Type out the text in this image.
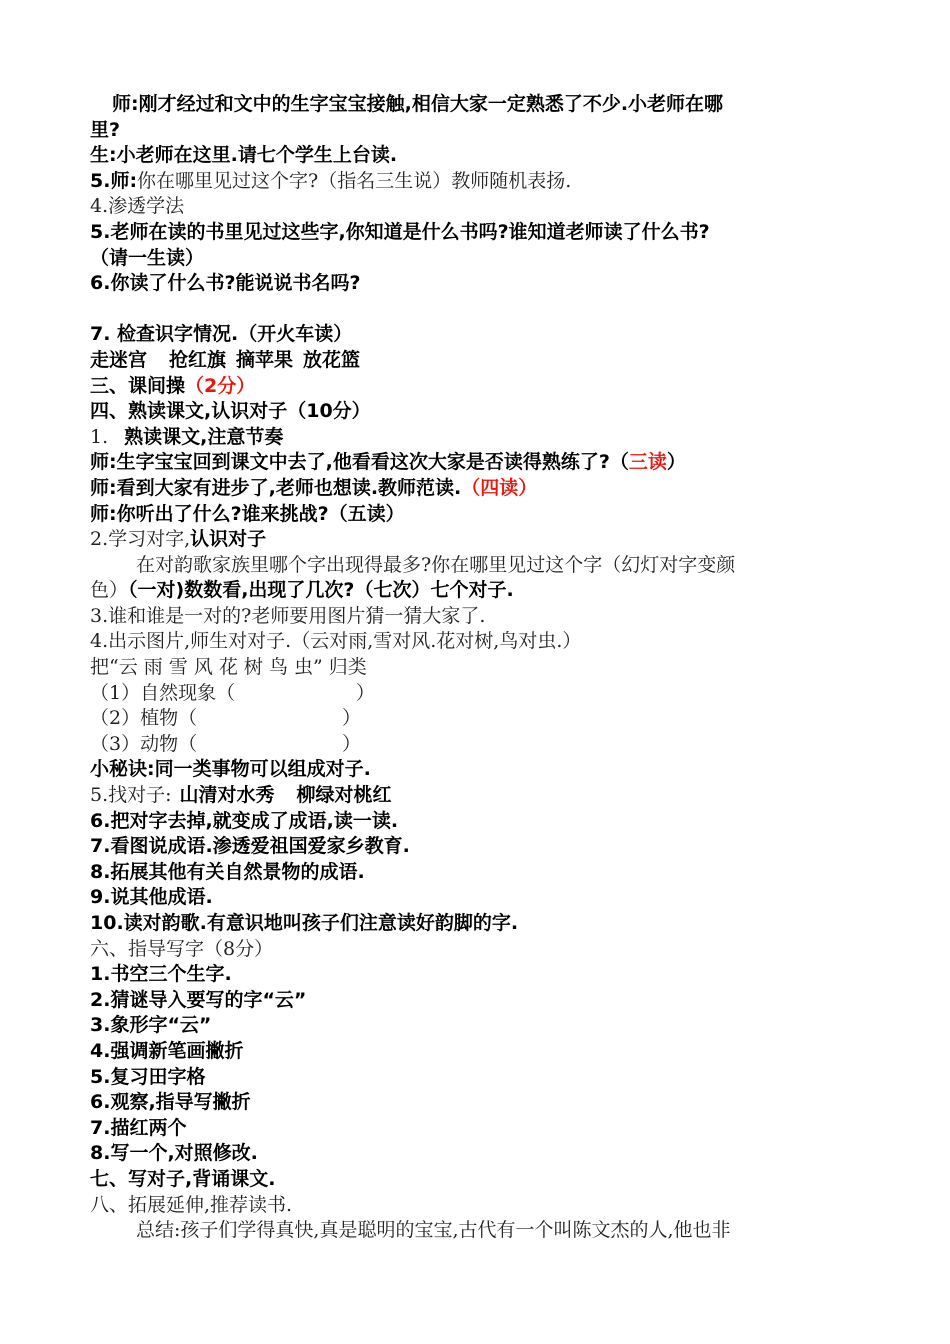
师:刚才经过和文中的生字宝宝接触,相信大家一定熟悉了不少.小老师在哪
里?
生:小老师在这里.请七个学生上台读.
5.师:你在哪里见过这个字?（指名三生说）教师随机表扬.
4.渗透学法
5.老师在读的书里见过这些字,你知道是什么书吗?谁知道老师读了什么书?
（请一生读）
6.你读了什么书?能说说书名吗?
7. 检查识字情况.（开火车读）
走迷宫 抢红旗 摘苹果 放花篮
三、课间操（2分）
四、熟读课文,认识对子（10分）
1. 熟读课文,注意节奏
师:生字宝宝回到课文中去了,他看看这次大家是否读得熟练了?（三读）
师:看到大家有进步了,老师也想读.教师范读.（四读）
师:你听出了什么?谁来挑战?（五读）
2.学习对字,认识对子
在对韵歌家族里哪个字出现得最多?你在哪里见过这个字（幻灯对字变颜
色）（一对)数数看,出现了几次?（七次）七个对子.
3.谁和谁是一对的?老师要用图片猜一猜大家了.
4.出示图片,师生对对子.（云对雨,雪对风.花对树,鸟对虫.）
把“云 雨 雪 风 花 树 鸟 虫” 归类
（1）自然现象（                    ）
（2）植物（                        ）
（3）动物（                        ）
小秘诀:同一类事物可以组成对子.
5.找对子: 山清对水秀 柳绿对桃红
6.把对字去掉,就变成了成语,读一读.
7.看图说成语.渗透爱祖国爱家乡教育.
8.拓展其他有关自然景物的成语.
9.说其他成语.
10.读对韵歌.有意识地叫孩子们注意读好韵脚的字.
六、指导写字（8分）
1.书空三个生字.
2.猜谜导入要写的字“云”
3.象形字“云”
4.强调新笔画撇折
5.复习田字格
6.观察,指导写撇折
7.描红两个
8.写一个,对照修改.
七、写对子,背诵课文.
八、拓展延伸,推荐读书.
总结:孩子们学得真快,真是聪明的宝宝,古代有一个叫陈文杰的人,他也非
